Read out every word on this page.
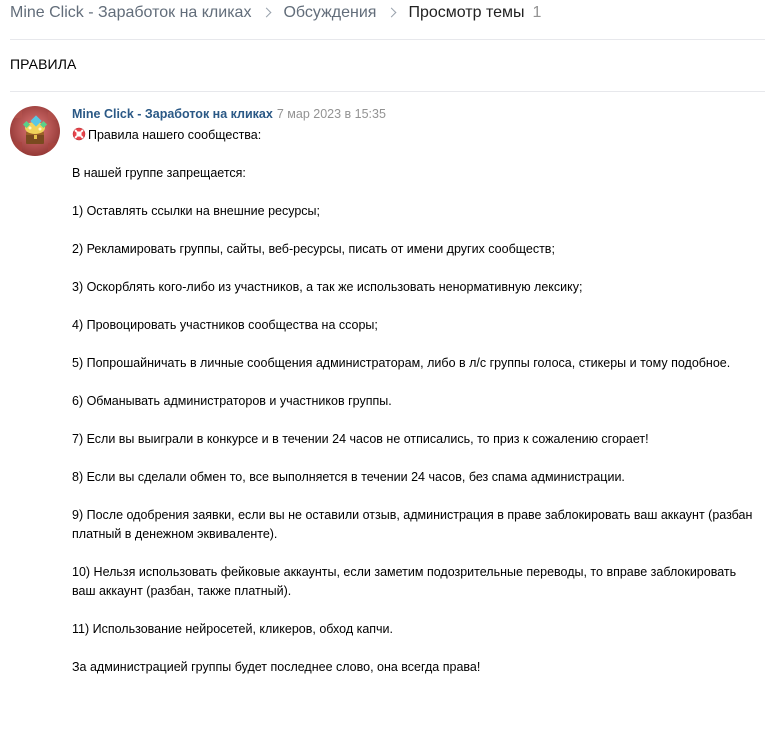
Mine Click - Заработок на кликах Обсуждения Просмотр темы 1
ПРАВИЛА
Mine Click - Заработок на кликах 7 мар 2023 в 15:35
Правила нашего сообщества:
В нашей группе запрещается:
1) Оставлять ссылки на внешние ресурсы;
2) Рекламировать группы, сайты, веб-ресурсы, писать от имени других сообществ;
3) Оскорблять кого-либо из участников, а так же использовать ненормативную лексику;
4) Провоцировать участников сообщества на ссоры;
5) Попрошайничать в личные сообщения администраторам, либо в л/с группы голоса, стикеры и тому подобное.
6) Обманывать администраторов и участников группы.
7) Если вы выиграли в конкурсе и в течении 24 часов не отписались, то приз к сожалению сгорает!
8) Если вы сделали обмен то, все выполняется в течении 24 часов, без спама администрации.
9) После одобрения заявки, если вы не оставили отзыв, администрация в праве заблокировать ваш аккаунт (разбан платный в денежном эквиваленте).
10) Нельзя использовать фейковые аккаунты, если заметим подозрительные переводы, то вправе заблокировать ваш аккаунт (разбан, также платный).
11) Использование нейросетей, кликеров, обход капчи.
За администрацией группы будет последнее слово, она всегда права!
